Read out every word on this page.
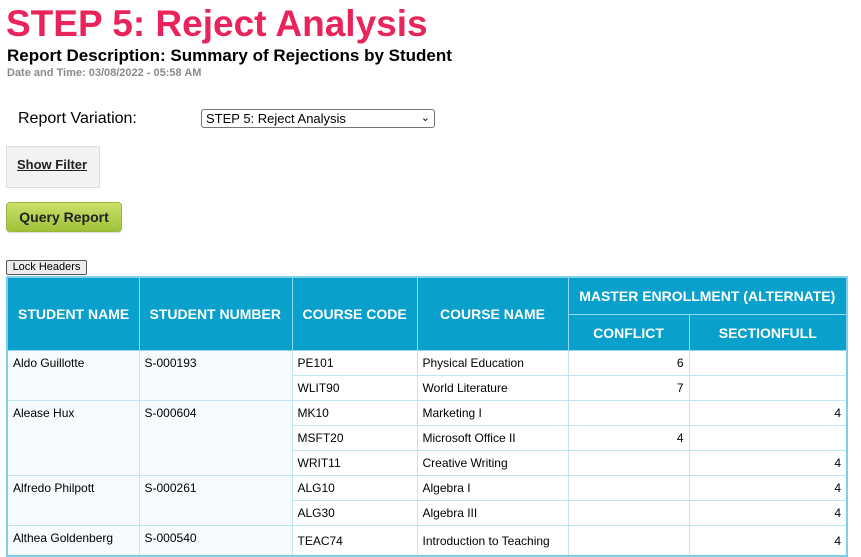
STEP 5: Reject Analysis
Report Description: Summary of Rejections by Student
Date and Time: 03/08/2022 - 05:58 AM
Report Variation:	STEP 5: Reject Analysis	⌄
Show Filter
Query Report
Lock Headers
STUDENT NAME	STUDENT NUMBER	COURSE CODE	COURSE NAME	MASTER ENROLLMENT (ALTERNATE)	
				CONFLICT	SECTIONFULL
Aldo Guillotte	S-000193	PE101	Physical Education	6	
		WLIT90	World Literature	7	
Alease Hux	S-000604	MK10	Marketing I		4
		MSFT20	Microsoft Office II	4	
		WRIT11	Creative Writing		4
Alfredo Philpott	S-000261	ALG10	Algebra I		4
		ALG30	Algebra III		4
Althea Goldenberg	S-000540	TEAC74	Introduction to Teaching		4
